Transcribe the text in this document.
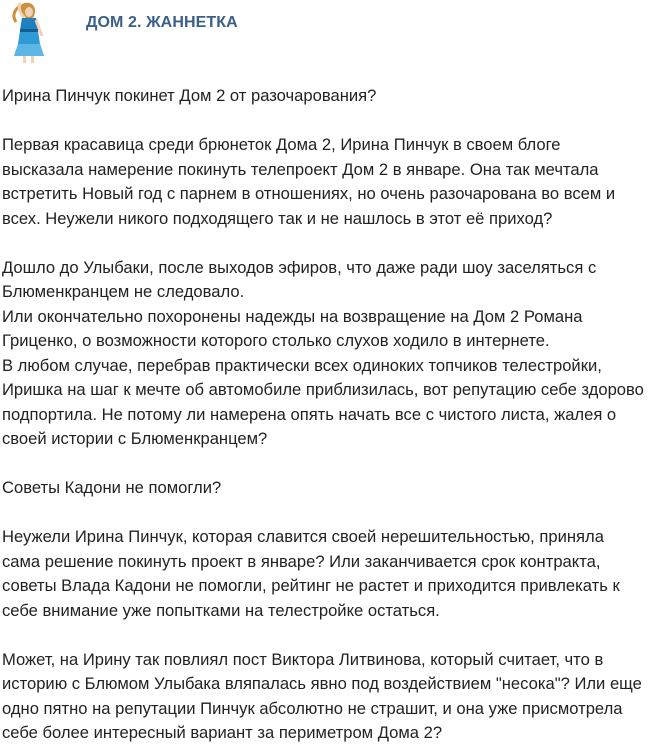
ДОМ 2. ЖАННЕТКА

Ирина Пинчук покинет Дом 2 от разочарования?

Первая красавица среди брюнеток Дома 2, Ирина Пинчук в своем блоге
высказала намерение покинуть телепроект Дом 2 в январе. Она так мечтала
встретить Новый год с парнем в отношениях, но очень разочарована во всем и
всех. Неужели никого подходящего так и не нашлось в этот её приход?

Дошло до Улыбаки, после выходов эфиров, что даже ради шоу заселяться с
Блюменкранцем не следовало.
Или окончательно похоронены надежды на возвращение на Дом 2 Романа
Гриценко, о возможности которого столько слухов ходило в интернете.
В любом случае, перебрав практически всех одиноких топчиков телестройки,
Иришка на шаг к мечте об автомобиле приблизилась, вот репутацию себе здорово
подпортила. Не потому ли намерена опять начать все с чистого листа, жалея о
своей истории с Блюменкранцем?

Советы Кадони не помогли?

Неужели Ирина Пинчук, которая славится своей нерешительностью, приняла
сама решение покинуть проект в январе? Или заканчивается срок контракта,
советы Влада Кадони не помогли, рейтинг не растет и приходится привлекать к
себе внимание уже попытками на телестройке остаться.

Может, на Ирину так повлиял пост Виктора Литвинова, который считает, что в
историю с Блюмом Улыбака вляпалась явно под воздействием "несока"? Или еще
одно пятно на репутации Пинчук абсолютно не страшит, и она уже присмотрела
себе более интересный вариант за периметром Дома 2?
